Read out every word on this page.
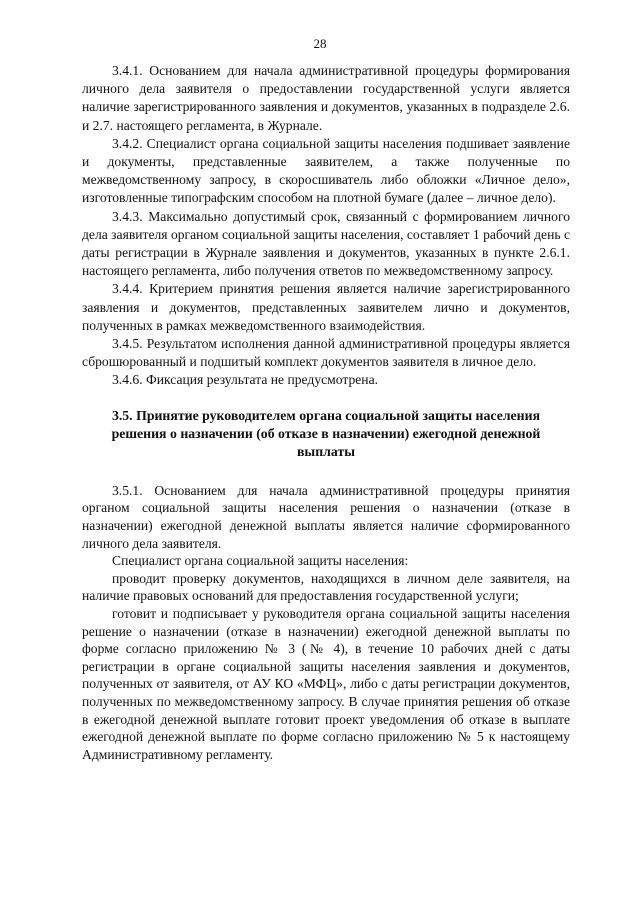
28

3.4.1. Основанием для начала административной процедуры формирования личного дела заявителя о предоставлении государственной услуги является наличие зарегистрированного заявления и документов, указанных в подразделе 2.6. и 2.7. настоящего регламента, в Журнале.

3.4.2. Специалист органа социальной защиты населения подшивает заявление и документы, представленные заявителем, а также полученные по межведомственному запросу, в скоросшиватель либо обложки «Личное дело», изготовленные типографским способом на плотной бумаге (далее – личное дело).

3.4.3. Максимально допустимый срок, связанный с формированием личного дела заявителя органом социальной защиты населения, составляет 1 рабочий день с даты регистрации в Журнале заявления и документов, указанных в пункте 2.6.1. настоящего регламента, либо получения ответов по межведомственному запросу.

3.4.4. Критерием принятия решения является наличие зарегистрированного заявления и документов, представленных заявителем лично и документов, полученных в рамках межведомственного взаимодействия.

3.4.5. Результатом исполнения данной административной процедуры является сброшюрованный и подшитый комплект документов заявителя в личное дело.

3.4.6. Фиксация результата не предусмотрена.

3.5. Принятие руководителем органа социальной защиты населения решения о назначении (об отказе в назначении) ежегодной денежной выплаты

3.5.1. Основанием для начала административной процедуры принятия органом социальной защиты населения решения о назначении (отказе в назначении) ежегодной денежной выплаты является наличие сформированного личного дела заявителя.

Специалист органа социальной защиты населения:

проводит проверку документов, находящихся в личном деле заявителя, на наличие правовых оснований для предоставления государственной услуги;

готовит и подписывает у руководителя органа социальной защиты населения решение о назначении (отказе в назначении) ежегодной денежной выплаты по форме согласно приложению № 3 (№ 4), в течение 10 рабочих дней с даты регистрации в органе социальной защиты населения заявления и документов, полученных от заявителя, от АУ КО «МФЦ», либо с даты регистрации документов, полученных по межведомственному запросу. В случае принятия решения об отказе в ежегодной денежной выплате готовит проект уведомления об отказе в выплате ежегодной денежной выплате по форме согласно приложению № 5 к настоящему Административному регламенту.
